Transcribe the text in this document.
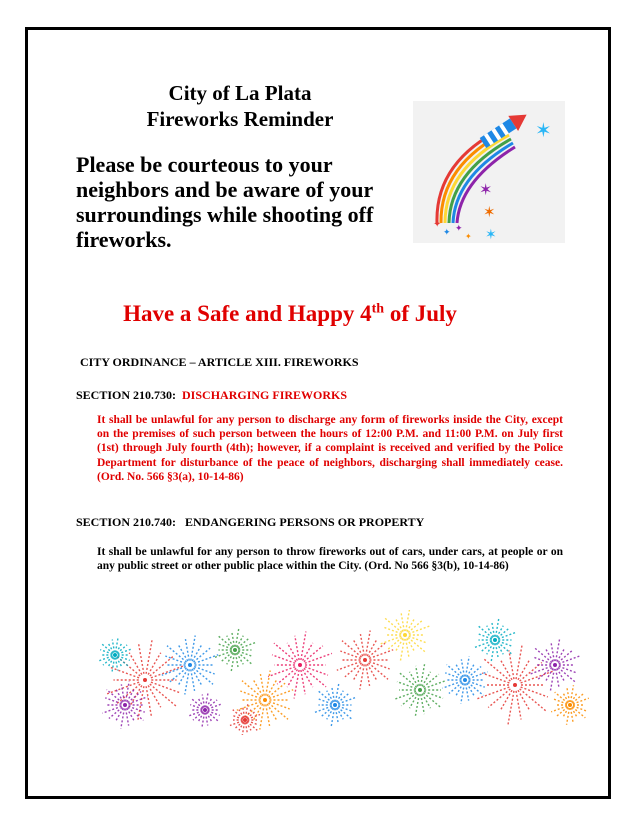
City of La Plata
Fireworks Reminder

Please be courteous to your neighbors and be aware of your surroundings while shooting off fireworks.

✶
✶
✶
✶
✦
✦ ✦
✦
Have a Safe and Happy 4th of July
CITY ORDINANCE – ARTICLE XIII. FIREWORKS
SECTION 210.730: DISCHARGING FIREWORKS

It shall be unlawful for any person to discharge any form of fireworks inside the City, except on the premises of such person between the hours of 12:00 P.M. and 11:00 P.M. on July first (1st) through July fourth (4th); however, if a complaint is received and verified by the Police Department for disturbance of the peace of neighbors, discharging shall immediately cease. (Ord. No. 566 §3(a), 10-14-86)

SECTION 210.740: ENDANGERING PERSONS OR PROPERTY

It shall be unlawful for any person to throw fireworks out of cars, under cars, at people or on any public street or other public place within the City. (Ord. No 566 §3(b), 10-14-86)
